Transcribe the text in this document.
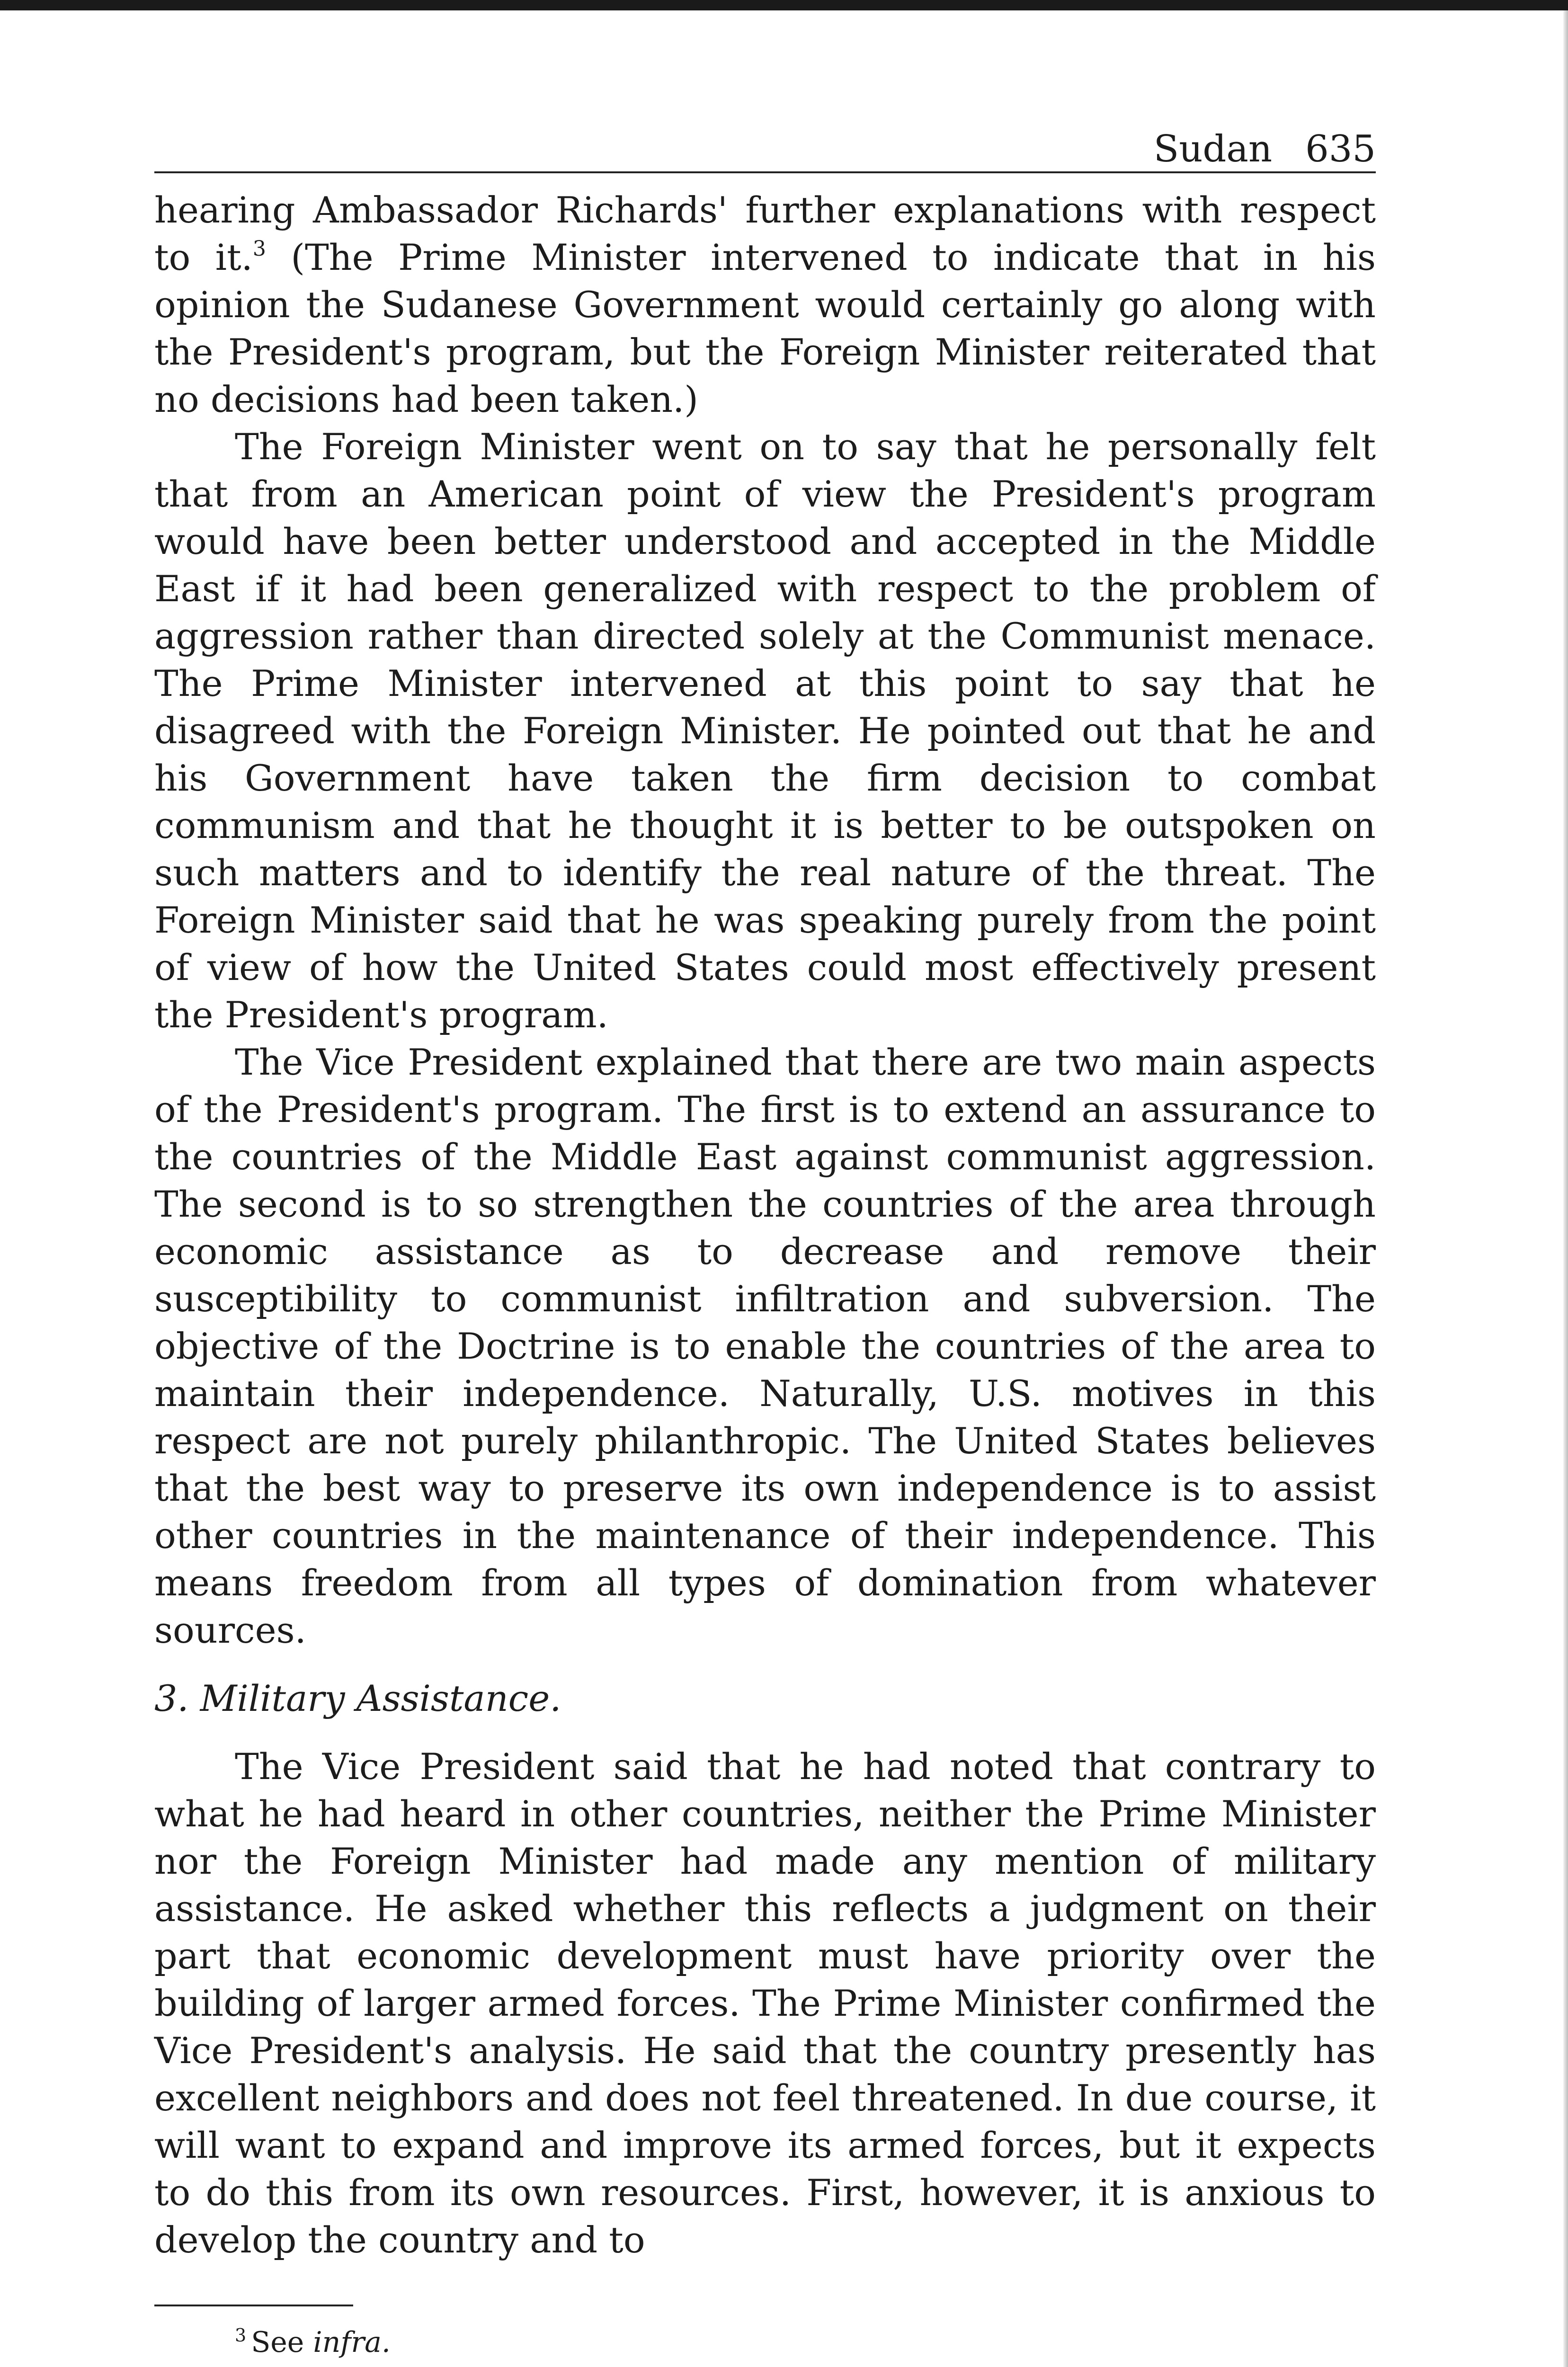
Sudan 635

hearing Ambassador Richards' further explanations with respect to it.$^3$ (The Prime Minister intervened to indicate that in his opinion the Sudanese Government would certainly go along with the President's program, but the Foreign Minister reiterated that no decisions had been taken.)

The Foreign Minister went on to say that he personally felt that from an American point of view the President's program would have been better understood and accepted in the Middle East if it had been generalized with respect to the problem of aggression rather than directed solely at the Communist menace. The Prime Minister intervened at this point to say that he disagreed with the Foreign Minister. He pointed out that he and his Government have taken the firm decision to combat communism and that he thought it is better to be outspoken on such matters and to identify the real nature of the threat. The Foreign Minister said that he was speaking purely from the point of view of how the United States could most effectively present the President's program.

The Vice President explained that there are two main aspects of the President's program. The first is to extend an assurance to the countries of the Middle East against communist aggression. The second is to so strengthen the countries of the area through economic assistance as to decrease and remove their susceptibility to communist infiltration and subversion. The objective of the Doctrine is to enable the countries of the area to maintain their independence. Naturally, U.S. motives in this respect are not purely philanthropic. The United States believes that the best way to preserve its own independence is to assist other countries in the maintenance of their independence. This means freedom from all types of domination from whatever sources.

3. Military Assistance.

The Vice President said that he had noted that contrary to what he had heard in other countries, neither the Prime Minister nor the Foreign Minister had made any mention of military assistance. He asked whether this reflects a judgment on their part that economic development must have priority over the building of larger armed forces. The Prime Minister confirmed the Vice President's analysis. He said that the country presently has excellent neighbors and does not feel threatened. In due course, it will want to expand and improve its armed forces, but it expects to do this from its own resources. First, however, it is anxious to develop the country and to

$^3$ See infra.
